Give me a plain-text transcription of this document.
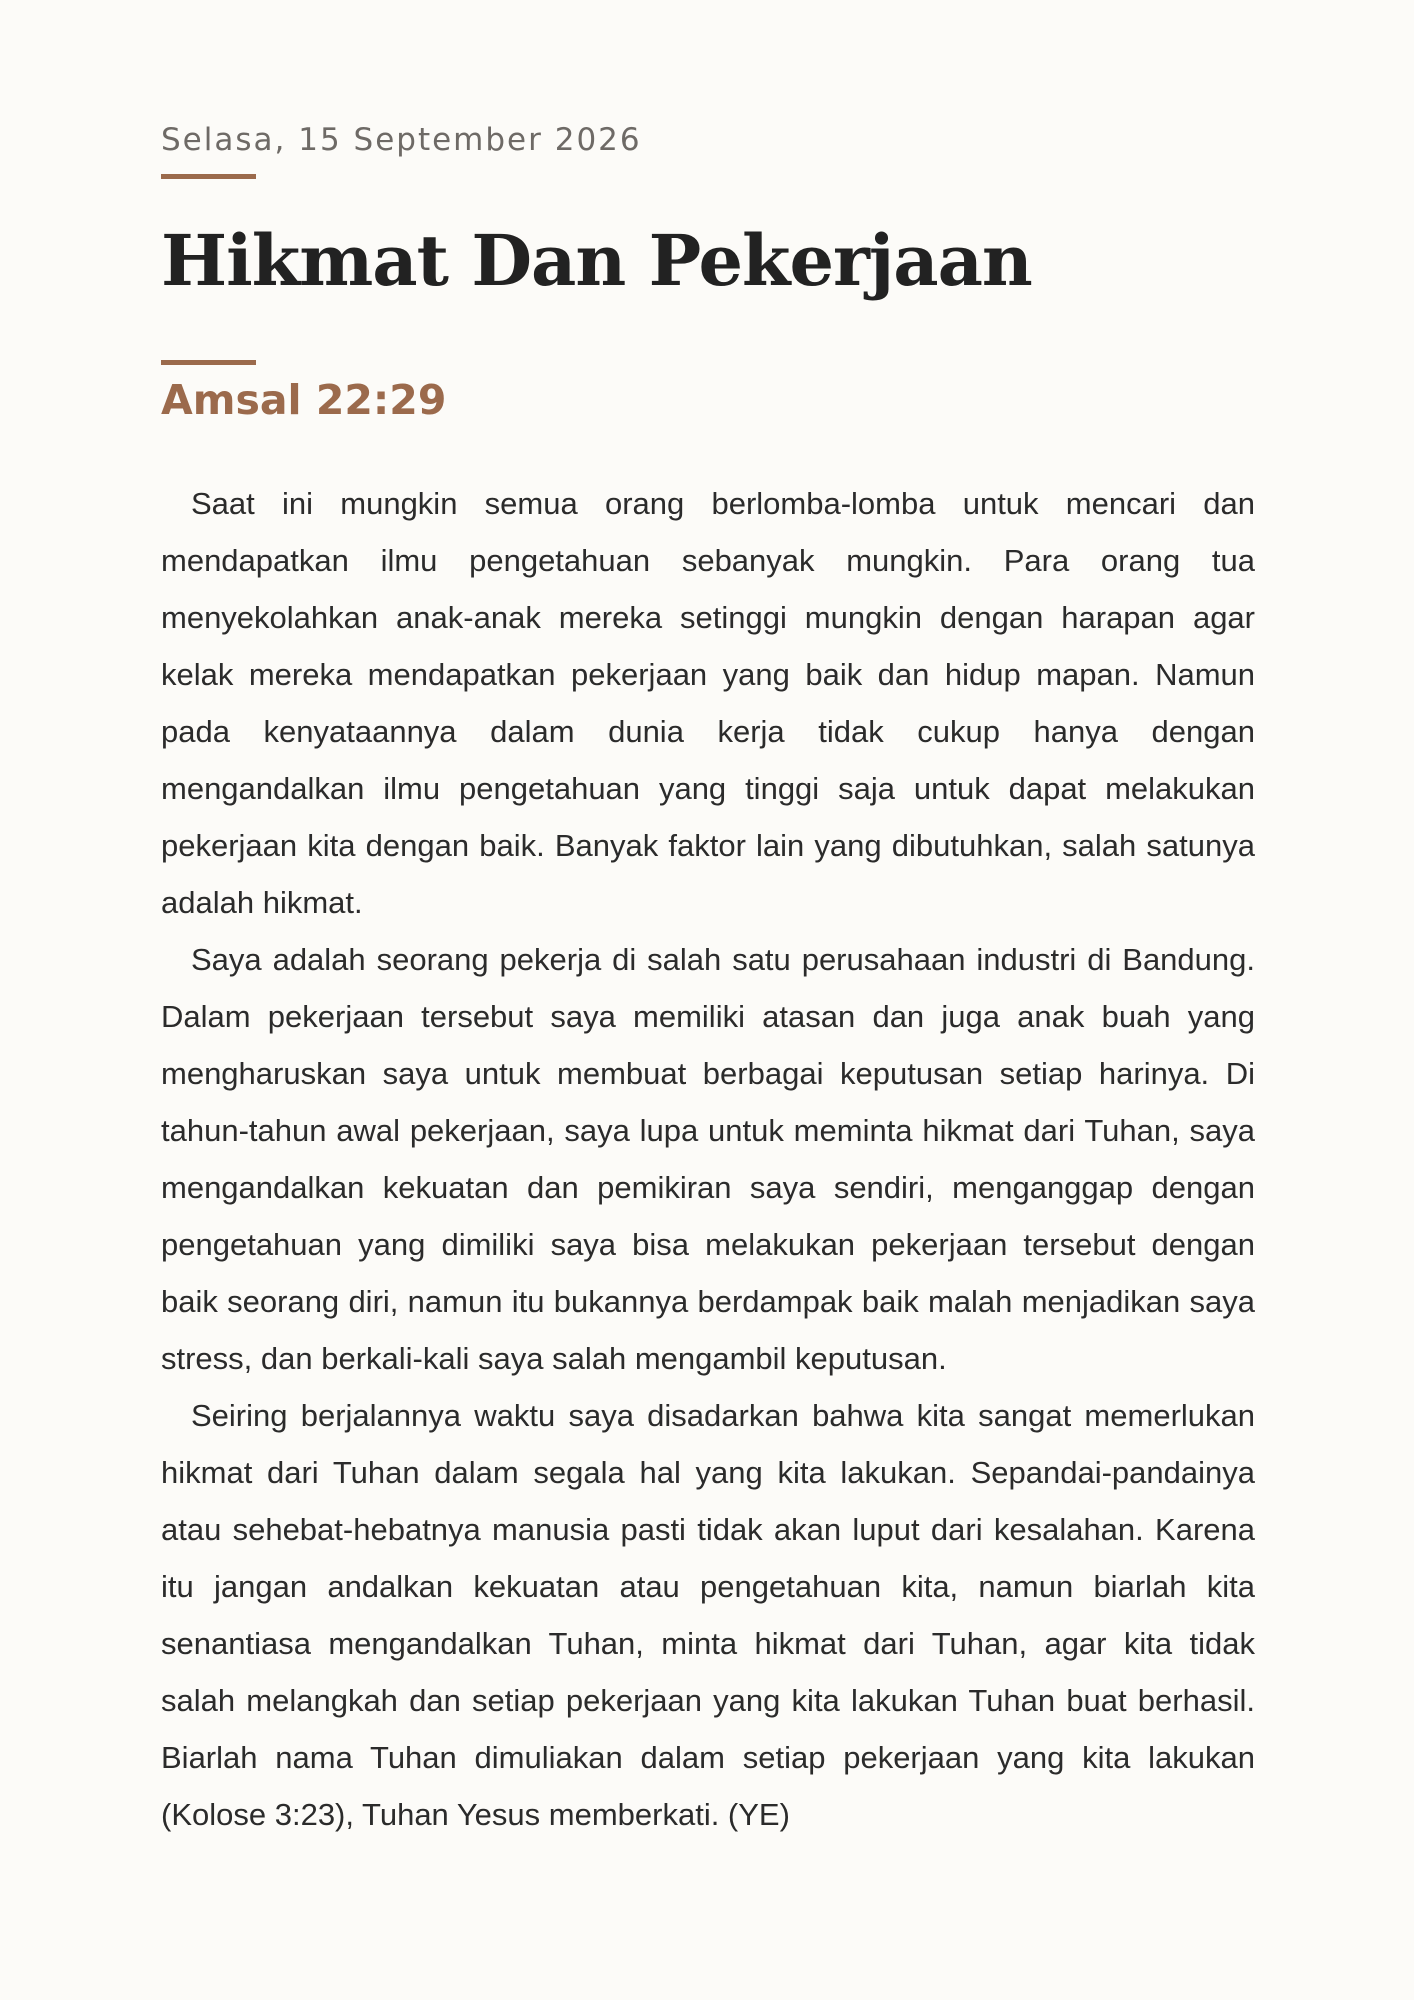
Selasa, 15 September 2026
Hikmat Dan Pekerjaan
Amsal 22:29

Saat ini mungkin semua orang berlomba-lomba untuk mencari dan mendapatkan ilmu pengetahuan sebanyak mungkin. Para orang tua menyekolahkan anak-anak mereka setinggi mungkin dengan harapan agar kelak mereka mendapatkan pekerjaan yang baik dan hidup mapan. Namun pada kenyataannya dalam dunia kerja tidak cukup hanya dengan mengandalkan ilmu pengetahuan yang tinggi saja untuk dapat melakukan pekerjaan kita dengan baik. Banyak faktor lain yang dibutuhkan, salah satunya adalah hikmat.

Saya adalah seorang pekerja di salah satu perusahaan industri di Bandung. Dalam pekerjaan tersebut saya memiliki atasan dan juga anak buah yang mengharuskan saya untuk membuat berbagai keputusan setiap harinya. Di tahun-tahun awal pekerjaan, saya lupa untuk meminta hikmat dari Tuhan, saya mengandalkan kekuatan dan pemikiran saya sendiri, menganggap dengan pengetahuan yang dimiliki saya bisa melakukan pekerjaan tersebut dengan baik seorang diri, namun itu bukannya berdampak baik malah menjadikan saya stress, dan berkali-kali saya salah mengambil keputusan.

Seiring berjalannya waktu saya disadarkan bahwa kita sangat memerlukan hikmat dari Tuhan dalam segala hal yang kita lakukan. Sepandai-pandainya atau sehebat-hebatnya manusia pasti tidak akan luput dari kesalahan. Karena itu jangan andalkan kekuatan atau pengetahuan kita, namun biarlah kita senantiasa mengandalkan Tuhan, minta hikmat dari Tuhan, agar kita tidak salah melangkah dan setiap pekerjaan yang kita lakukan Tuhan buat berhasil. Biarlah nama Tuhan dimuliakan dalam setiap pekerjaan yang kita lakukan (Kolose 3:23), Tuhan Yesus memberkati. (YE)
